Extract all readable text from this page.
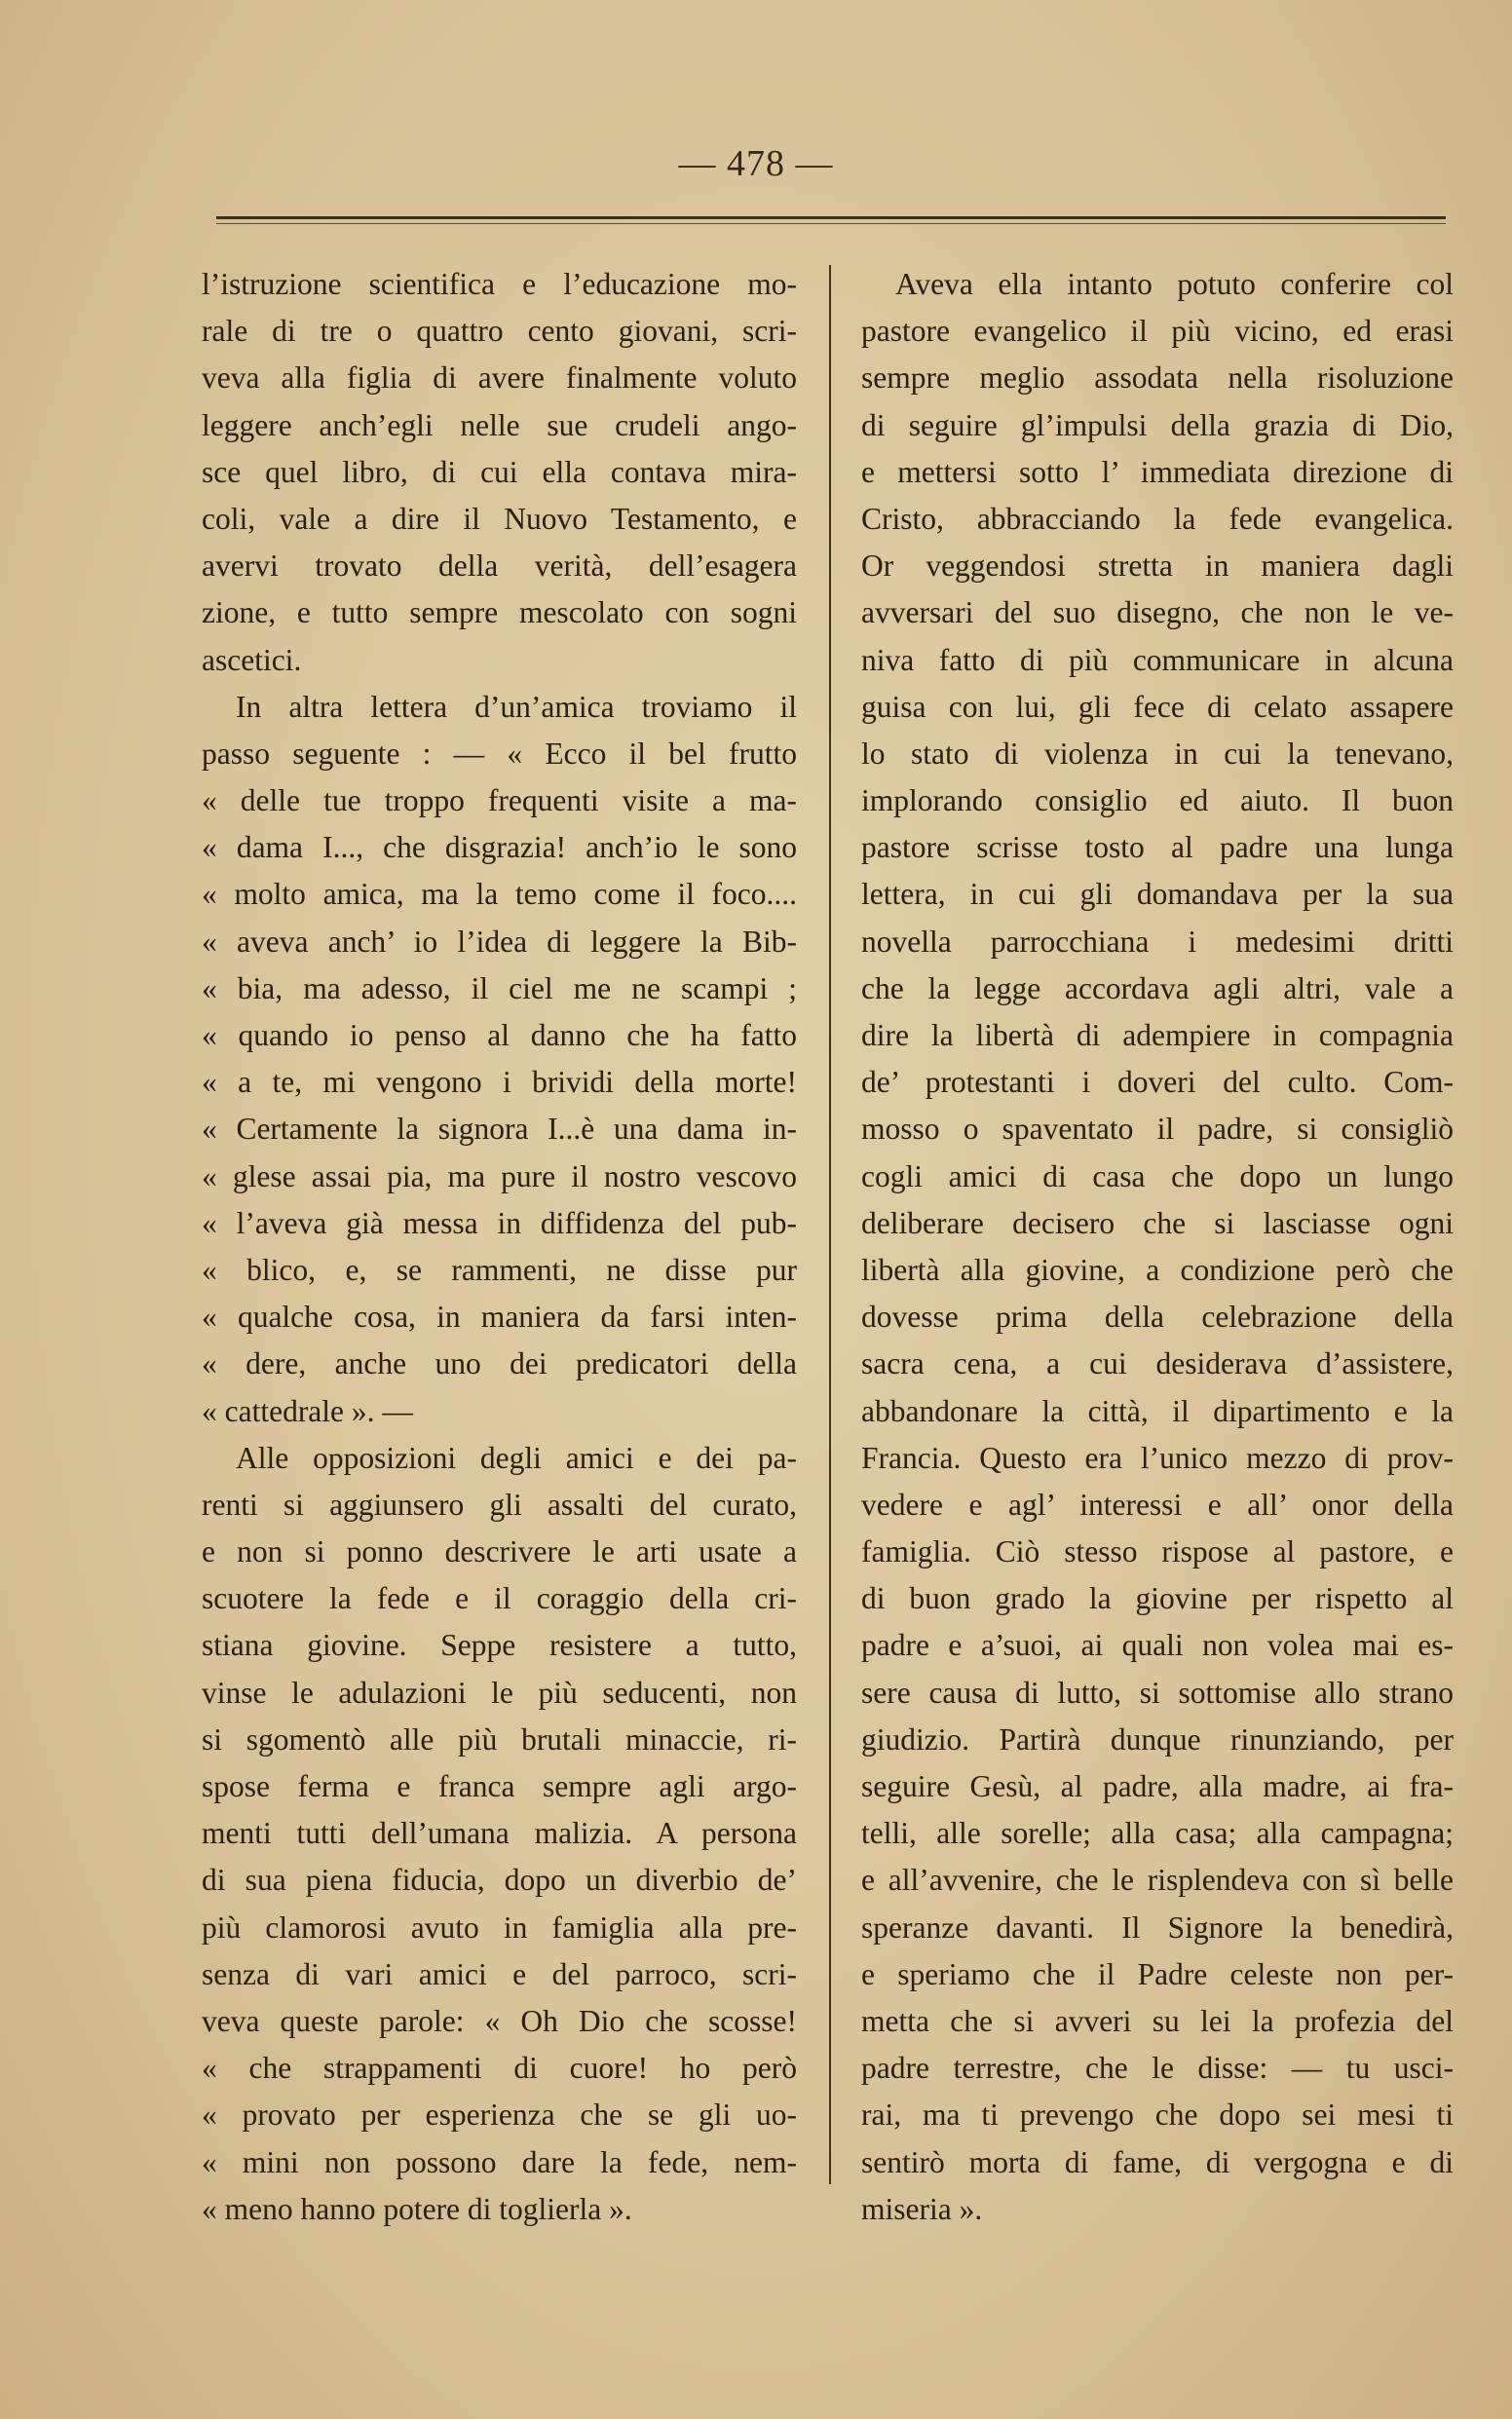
— 478 —
l’istruzione scientifica e l’educazione mo-
rale di tre o quattro cento giovani, scri-
veva alla figlia di avere finalmente voluto
leggere anch’egli nelle sue crudeli ango-
sce quel libro, di cui ella contava mira-
coli, vale a dire il Nuovo Testamento, e
avervi trovato della verità, dell’esagera
zione, e tutto sempre mescolato con sogni
ascetici.
In altra lettera d’un’amica troviamo il
passo seguente : — « Ecco il bel frutto
« delle tue troppo frequenti visite a ma-
« dama I..., che disgrazia! anch’io le sono
« molto amica, ma la temo come il foco....
« aveva anch’ io l’idea di leggere la Bib-
« bia, ma adesso, il ciel me ne scampi ;
« quando io penso al danno che ha fatto
« a te, mi vengono i brividi della morte!
« Certamente la signora I...è una dama in-
« glese assai pia, ma pure il nostro vescovo
« l’aveva già messa in diffidenza del pub-
« blico, e, se rammenti, ne disse pur
« qualche cosa, in maniera da farsi inten-
« dere, anche uno dei predicatori della
« cattedrale ». —
Alle opposizioni degli amici e dei pa-
renti si aggiunsero gli assalti del curato,
e non si ponno descrivere le arti usate a
scuotere la fede e il coraggio della cri-
stiana giovine. Seppe resistere a tutto,
vinse le adulazioni le più seducenti, non
si sgomentò alle più brutali minaccie, ri-
spose ferma e franca sempre agli argo-
menti tutti dell’umana malizia. A persona
di sua piena fiducia, dopo un diverbio de’
più clamorosi avuto in famiglia alla pre-
senza di vari amici e del parroco, scri-
veva queste parole: « Oh Dio che scosse!
« che strappamenti di cuore! ho però
« provato per esperienza che se gli uo-
« mini non possono dare la fede, nem-
« meno hanno potere di toglierla ».
Aveva ella intanto potuto conferire col
pastore evangelico il più vicino, ed erasi
sempre meglio assodata nella risoluzione
di seguire gl’impulsi della grazia di Dio,
e mettersi sotto l’ immediata direzione di
Cristo, abbracciando la fede evangelica.
Or veggendosi stretta in maniera dagli
avversari del suo disegno, che non le ve-
niva fatto di più communicare in alcuna
guisa con lui, gli fece di celato assapere
lo stato di violenza in cui la tenevano,
implorando consiglio ed aiuto. Il buon
pastore scrisse tosto al padre una lunga
lettera, in cui gli domandava per la sua
novella parrocchiana i medesimi dritti
che la legge accordava agli altri, vale a
dire la libertà di adempiere in compagnia
de’ protestanti i doveri del culto. Com-
mosso o spaventato il padre, si consigliò
cogli amici di casa che dopo un lungo
deliberare decisero che si lasciasse ogni
libertà alla giovine, a condizione però che
dovesse prima della celebrazione della
sacra cena, a cui desiderava d’assistere,
abbandonare la città, il dipartimento e la
Francia. Questo era l’unico mezzo di prov-
vedere e agl’ interessi e all’ onor della
famiglia. Ciò stesso rispose al pastore, e
di buon grado la giovine per rispetto al
padre e a’suoi, ai quali non volea mai es-
sere causa di lutto, si sottomise allo strano
giudizio. Partirà dunque rinunziando, per
seguire Gesù, al padre, alla madre, ai fra-
telli, alle sorelle; alla casa; alla campagna;
e all’avvenire, che le risplendeva con sì belle
speranze davanti. Il Signore la benedirà,
e speriamo che il Padre celeste non per-
metta che si avveri su lei la profezia del
padre terrestre, che le disse: — tu usci-
rai, ma ti prevengo che dopo sei mesi ti
sentirò morta di fame, di vergogna e di
miseria ».
